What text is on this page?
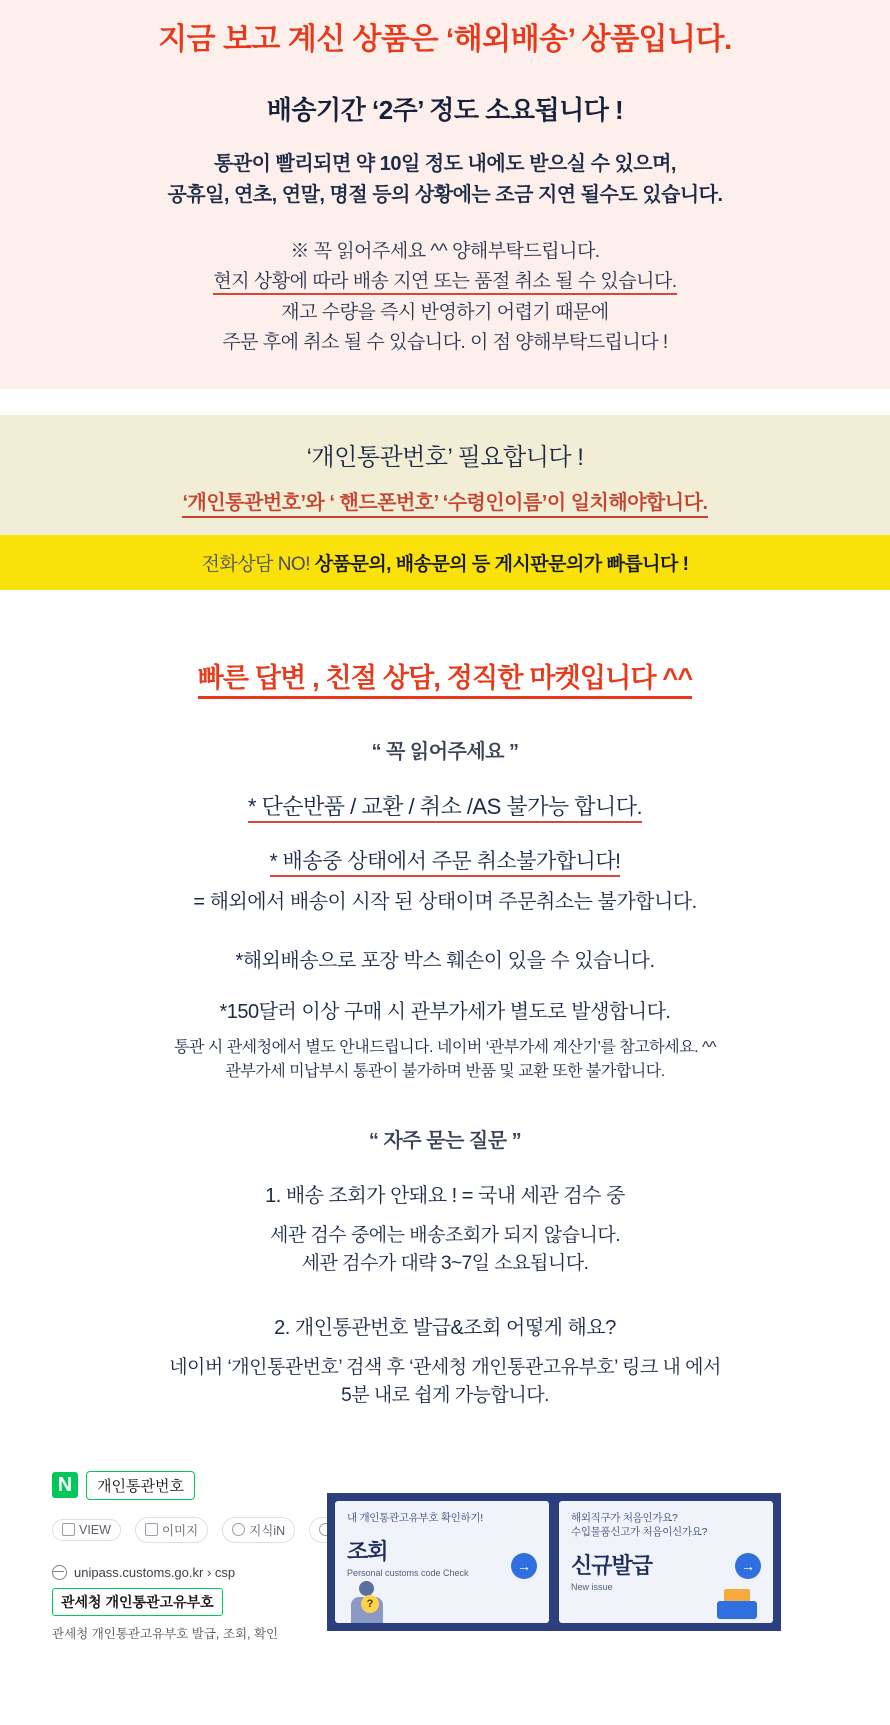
지금 보고 계신 상품은 ‘해외배송’ 상품입니다.
배송기간 ‘2주’ 정도 소요됩니다 !
통관이 빨리되면 약 10일 정도 내에도 받으실 수 있으며,
공휴일, 연초, 연말, 명절 등의 상황에는 조금 지연 될수도 있습니다.
※ 꼭 읽어주세요 ^^ 양해부탁드립니다.
현지 상황에 따라 배송 지연 또는 품절 취소 될 수 있습니다.
재고 수량을 즉시 반영하기 어렵기 때문에
주문 후에 취소 될 수 있습니다. 이 점 양해부탁드립니다 !
‘개인통관번호’ 필요합니다 !
‘개인통관번호’와 ‘ 핸드폰번호’ ‘수령인이름’이 일치해야합니다.
전화상담 NO! 상품문의, 배송문의 등 게시판문의가 빠릅니다 !
빠른 답변 , 친절 상담, 정직한 마켓입니다 ^^
“ 꼭 읽어주세요 ”
* 단순반품 / 교환 / 취소 /AS 불가능 합니다.
* 배송중 상태에서 주문 취소불가합니다!
= 해외에서 배송이 시작 된 상태이며 주문취소는 불가합니다.
*해외배송으로 포장 박스 훼손이 있을 수 있습니다.
*150달러 이상 구매 시 관부가세가 별도로 발생합니다.
통관 시 관세청에서 별도 안내드립니다. 네이버 ‘관부가세 계산기’를 참고하세요. ^^
관부가세 미납부시 통관이 불가하며 반품 및 교환 또한 불가합니다.
“ 자주 묻는 질문 ”
1. 배송 조회가 안돼요 ! = 국내 세관 검수 중
세관 검수 중에는 배송조회가 되지 않습니다.
세관 검수가 대략 3~7일 소요됩니다.
2. 개인통관번호 발급&조회 어떻게 해요?
네이버 ‘개인통관번호’ 검색 후 ‘관세청 개인통관고유부호’ 링크 내 에서
5분 내로 쉽게 가능합니다.
N	개인통관번호
VIEW	이미지	지식iN
unipass.customs.go.kr › csp
관세청 개인통관고유부호
관세청 개인통관고유부호 발급, 조회, 확인
내 개인통관고유부호 확인하기!
조회
Personal customs code Check	→
?
해외직구가 처음인가요?
수입물품신고가 처음이신가요?
신규발급
New issue
→
